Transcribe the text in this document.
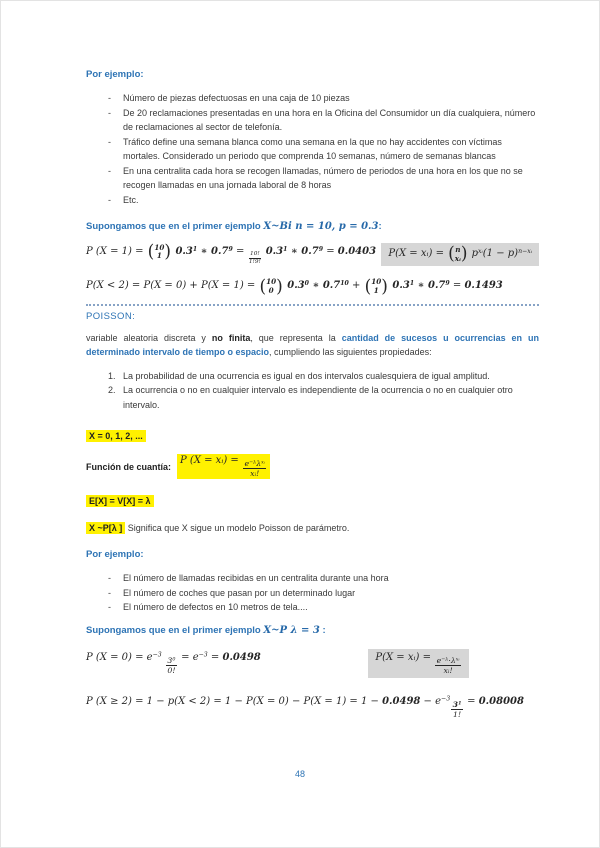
Por ejemplo:
-	Número de piezas defectuosas en una caja de 10 piezas
-	De 20 reclamaciones presentadas en una hora en la Oficina del Consumidor un día cualquiera, número de reclamaciones al sector de telefonía.
-	Tráfico define una semana blanca como una semana en la que no hay accidentes con víctimas mortales. Considerado un periodo que comprenda 10 semanas, número de semanas blancas
-	En una centralita cada hora se recogen llamadas, número de periodos de una hora en los que no se recogen llamadas en una jornada laboral de 8 horas
-	Etc.
Supongamos que en el primer ejemplo X~Bi n = 10, p = 0.3:
P (X = 1) = ( 10
1 ) $0.3^1$ ∗ $0.7^9 = \frac{10!}{1!9!} 0.3^1$ ∗ $0.7^9 = 0.0403$	P(X = xᵢ) = ( n
xᵢ ) $p^{xᵢ}(1 - p)^{n-xᵢ}$
P(X < 2) = P(X = 0) + P(X = 1) = ( 10
0 ) $0.3^0$ ∗ $0.7^{10}$ + ( 10
1 ) $0.3^1$ ∗ $0.7^9 = 0.1493$
POISSON:

variable aleatoria discreta y no finita, que representa la cantidad de sucesos u ocurrencias en un determinado intervalo de tiempo o espacio, cumpliendo las siguientes propiedades:

1. La probabilidad de una ocurrencia es igual en dos intervalos cualesquiera de igual amplitud.
2. La ocurrencia o no en cualquier intervalo es independiente de la ocurrencia o no en cualquier otro intervalo.
X = 0, 1, 2, ...
Función de cuantía:
P (X = xᵢ) = $\frac{e^{-\lambda}\lambda^{xᵢ}}{\text{xᵢ!}}$
E[X] = V[X] = λ
X ~P[λ ] Significa que X sigue un modelo Poisson de parámetro.
Por ejemplo:
-	El número de llamadas recibidas en un centralita durante una hora
-	El número de coches que pasan por un determinado lugar
-	El número de defectos en 10 metros de tela....
Supongamos que en el primer ejemplo X~P λ = 3 :
P $(X = 0) = e^{-3}$
$\frac{3^0}{0!} = e^{-3} = 0.0498$	P(X = xᵢ) = $\frac{e^{-\lambda}\cdot\lambda^{xᵢ}}{\text{xᵢ!}}$
P $(X \ge 2) = 1 - p(X < 2) = 1 - P(X = 0) - P(X = 1) = 1 - 0.0498 - e^{-3}$
$\frac{3^1}{1!} = 0.08008$
48
